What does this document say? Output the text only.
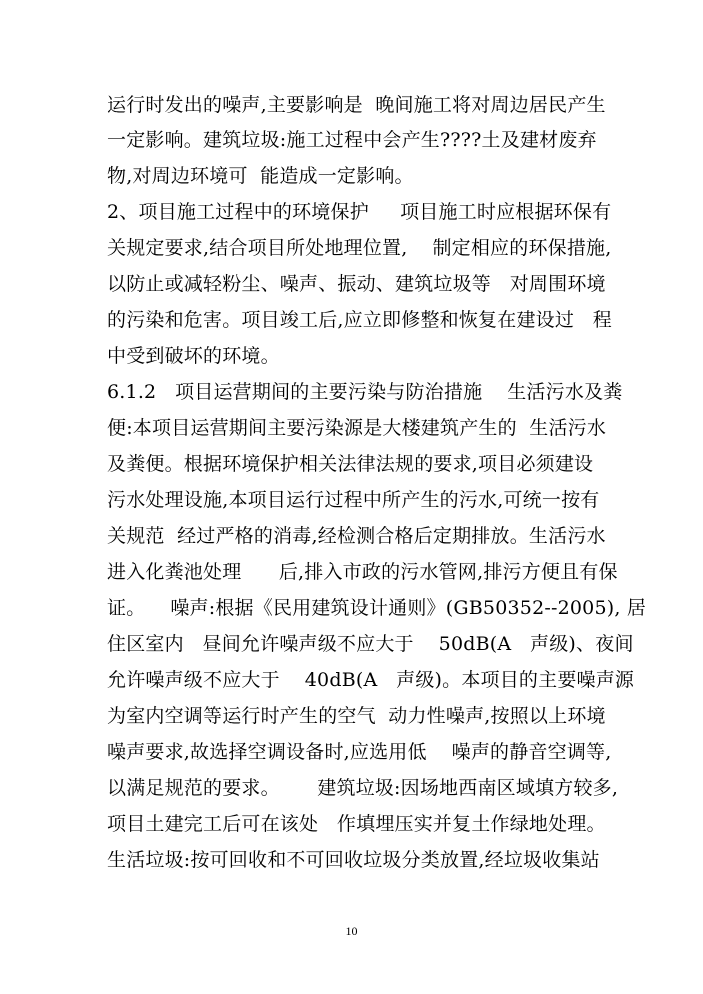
运行时发出的噪声,主要影响是  晚间施工将对周边居民产生
一定影响。建筑垃圾:施工过程中会产生????土及建材废弃
物,对周边环境可  能造成一定影响。
2、项目施工过程中的环境保护     项目施工时应根据环保有
关规定要求,结合项目所处地理位置,    制定相应的环保措施,
以防止或减轻粉尘、噪声、振动、建筑垃圾等   对周围环境
的污染和危害。项目竣工后,应立即修整和恢复在建设过   程
中受到破坏的环境。
6.1.2   项目运营期间的主要污染与防治措施    生活污水及粪
便:本项目运营期间主要污染源是大楼建筑产生的  生活污水
及粪便。根据环境保护相关法律法规的要求,项目必须建设
污水处理设施,本项目运行过程中所产生的污水,可统一按有
关规范  经过严格的消毒,经检测合格后定期排放。生活污水
进入化粪池处理      后,排入市政的污水管网,排污方便且有保
证。    噪声:根据《民用建筑设计通则》(GB50352--2005), 居
住区室内   昼间允许噪声级不应大于    50dB(A   声级)、夜间
允许噪声级不应大于    40dB(A   声级)。本项目的主要噪声源
为室内空调等运行时产生的空气  动力性噪声,按照以上环境
噪声要求,故选择空调设备时,应选用低    噪声的静音空调等,
以满足规范的要求。      建筑垃圾:因场地西南区域填方较多,
项目土建完工后可在该处   作填埋压实并复土作绿地处理。
生活垃圾:按可回收和不可回收垃圾分类放置,经垃圾收集站
10
